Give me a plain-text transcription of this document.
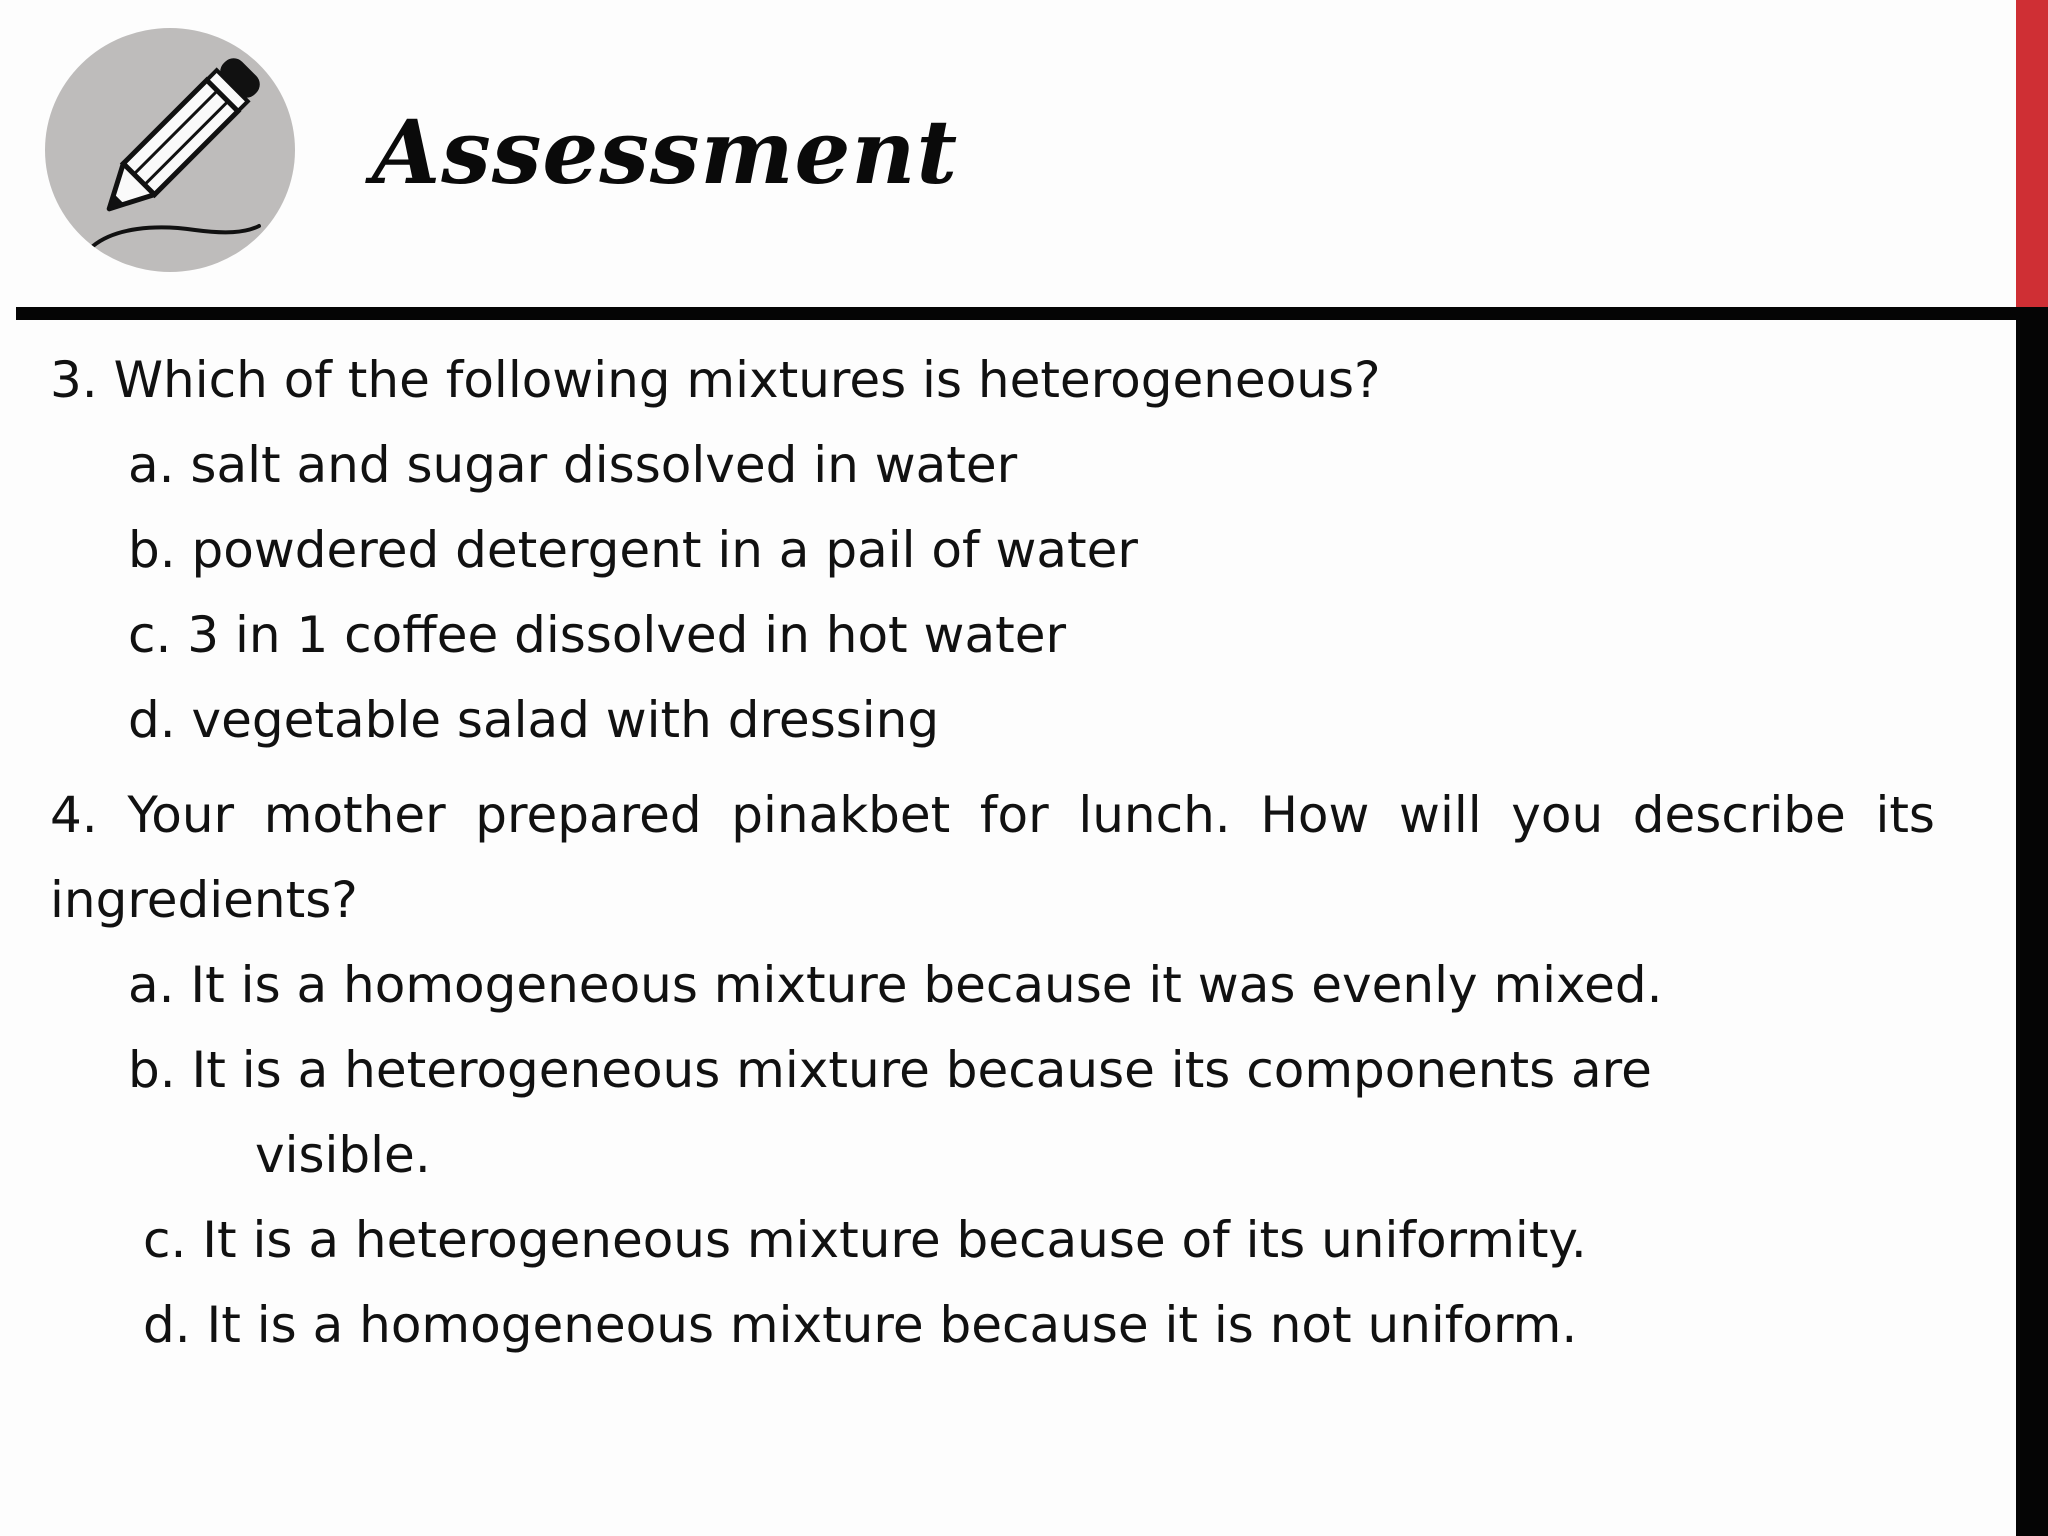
Assessment

3. Which of the following mixtures is heterogeneous?

a. salt and sugar dissolved in water

b. powdered detergent in a pail of water

c. 3 in 1 coffee dissolved in hot water

d. vegetable salad with dressing

4. Your mother prepared pinakbet for lunch. How will you describe its

ingredients?

a. It is a homogeneous mixture because it was evenly mixed.

b. It is a heterogeneous mixture because its components are

visible.

c. It is a heterogeneous mixture because of its uniformity.

d. It is a homogeneous mixture because it is not uniform.
